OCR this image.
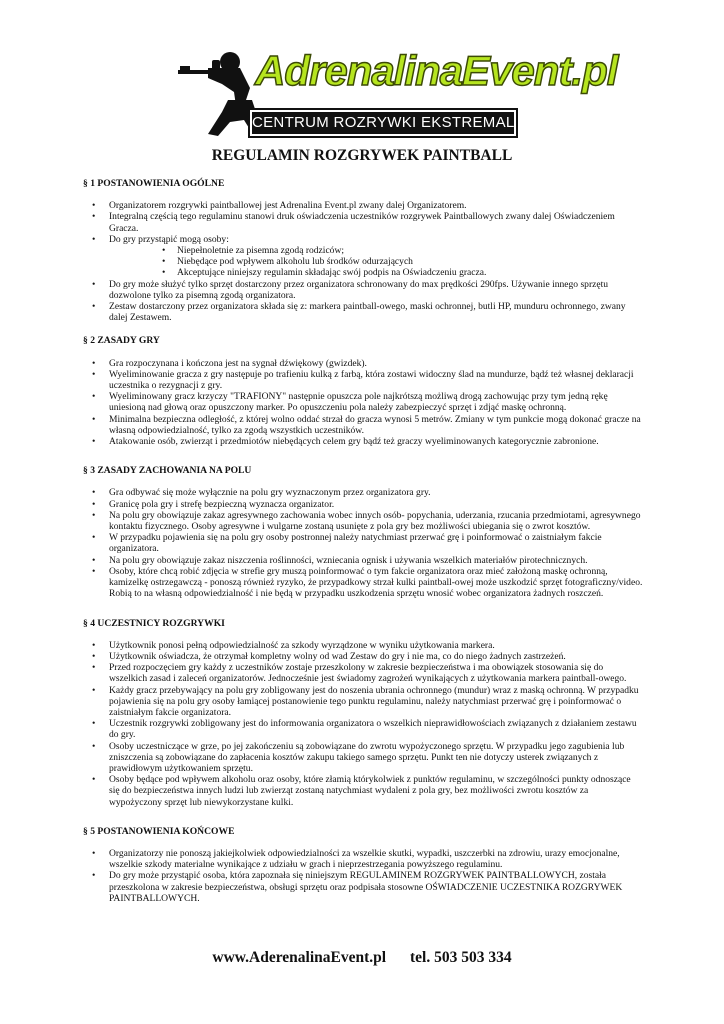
AdrenalinaEvent.pl
CENTRUM ROZRYWKI EKSTREMALNEJ
REGULAMIN ROZGRYWEK PAINTBALL

§ 1 POSTANOWIENIA OGÓLNE

• Organizatorem rozgrywki paintballowej jest Adrenalina Event.pl zwany dalej Organizatorem.
• Integralną częścią tego regulaminu stanowi druk oświadczenia uczestników rozgrywek Paintballowych zwany dalej Oświadczeniem Gracza.
• Do gry przystąpić mogą osoby:
• Niepełnoletnie za pisemna zgodą rodziców;
• Niebędące pod wpływem alkoholu lub środków odurzających
• Akceptujące niniejszy regulamin składając swój podpis na Oświadczeniu gracza.
• Do gry może służyć tylko sprzęt dostarczony przez organizatora schronowany do max prędkości 290fps. Używanie innego sprzętu dozwolone tylko za pisemną zgodą organizatora.
• Zestaw dostarczony przez organizatora składa się z: markera paintball-owego, maski ochronnej, butli HP, munduru ochronnego, zwany dalej Zestawem.

§ 2 ZASADY GRY

• Gra rozpoczynana i kończona jest na sygnał dźwiękowy (gwizdek).
• Wyeliminowanie gracza z gry następuje po trafieniu kulką z farbą, która zostawi widoczny ślad na mundurze, bądź też własnej deklaracji uczestnika o rezygnacji z gry.
• Wyeliminowany gracz krzyczy "TRAFIONY" następnie opuszcza pole najkrótszą możliwą drogą zachowując przy tym jedną rękę uniesioną nad głową oraz opuszczony marker. Po opuszczeniu pola należy zabezpieczyć sprzęt i zdjąć maskę ochronną.
• Minimalna bezpieczna odległość, z której wolno oddać strzał do gracza wynosi 5 metrów. Zmiany w tym punkcie mogą dokonać gracze na własną odpowiedzialność, tylko za zgodą wszystkich uczestników.
• Atakowanie osób, zwierząt i przedmiotów niebędących celem gry bądź też graczy wyeliminowanych kategorycznie zabronione.

§ 3 ZASADY ZACHOWANIA NA POLU

• Gra odbywać się może wyłącznie na polu gry wyznaczonym przez organizatora gry.
• Granicę pola gry i strefę bezpieczną wyznacza organizator.
• Na polu gry obowiązuje zakaz agresywnego zachowania wobec innych osób- popychania, uderzania, rzucania przedmiotami, agresywnego kontaktu fizycznego. Osoby agresywne i wulgarne zostaną usunięte z pola gry bez możliwości ubiegania się o zwrot kosztów.
• W przypadku pojawienia się na polu gry osoby postronnej należy natychmiast przerwać grę i poinformować o zaistniałym fakcie organizatora.
• Na polu gry obowiązuje zakaz niszczenia roślinności, wzniecania ognisk i używania wszelkich materiałów pirotechnicznych.
• Osoby, które chcą robić zdjęcia w strefie gry muszą poinformować o tym fakcie organizatora oraz mieć założoną maskę ochronną, kamizelkę ostrzegawczą - ponoszą również ryzyko, że przypadkowy strzał kulki paintball-owej może uszkodzić sprzęt fotograficzny/video. Robią to na własną odpowiedzialność i nie będą w przypadku uszkodzenia sprzętu wnosić wobec organizatora żadnych roszczeń.

§ 4 UCZESTNICY ROZGRYWKI

• Użytkownik ponosi pełną odpowiedzialność za szkody wyrządzone w wyniku użytkowania markera.
• Użytkownik oświadcza, że otrzymał kompletny wolny od wad Zestaw do gry i nie ma, co do niego żadnych zastrzeżeń.
• Przed rozpoczęciem gry każdy z uczestników zostaje przeszkolony w zakresie bezpieczeństwa i ma obowiązek stosowania się do wszelkich zasad i zaleceń organizatorów. Jednocześnie jest świadomy zagrożeń wynikających z użytkowania markera paintball-owego.
• Każdy gracz przebywający na polu gry zobligowany jest do noszenia ubrania ochronnego (mundur) wraz z maską ochronną. W przypadku pojawienia się na polu gry osoby łamiącej postanowienie tego punktu regulaminu, należy natychmiast przerwać grę i poinformować o zaistniałym fakcie organizatora.
• Uczestnik rozgrywki zobligowany jest do informowania organizatora o wszelkich nieprawidłowościach związanych z działaniem zestawu do gry.
• Osoby uczestniczące w grze, po jej zakończeniu są zobowiązane do zwrotu wypożyczonego sprzętu. W przypadku jego zagubienia lub zniszczenia są zobowiązane do zapłacenia kosztów zakupu takiego samego sprzętu. Punkt ten nie dotyczy usterek związanych z prawidłowym użytkowaniem sprzętu.
• Osoby będące pod wpływem alkoholu oraz osoby, które złamią którykolwiek z punktów regulaminu, w szczególności punkty odnoszące się do bezpieczeństwa innych ludzi lub zwierząt zostaną natychmiast wydaleni z pola gry, bez możliwości zwrotu kosztów za wypożyczony sprzęt lub niewykorzystane kulki.

§ 5 POSTANOWIENIA KOŃCOWE

• Organizatorzy nie ponoszą jakiejkolwiek odpowiedzialności za wszelkie skutki, wypadki, uszczerbki na zdrowiu, urazy emocjonalne, wszelkie szkody materialne wynikające z udziału w grach i nieprzestrzegania powyższego regulaminu.
• Do gry może przystąpić osoba, która zapoznała się niniejszym REGULAMINEM ROZGRYWEK PAINTBALLOWYCH, została przeszkolona w zakresie bezpieczeństwa, obsługi sprzętu oraz podpisała stosowne OŚWIADCZENIE UCZESTNIKA ROZGRYWEK PAINTBALLOWYCH.
www.AderenalinaEvent.pl tel. 503 503 334
